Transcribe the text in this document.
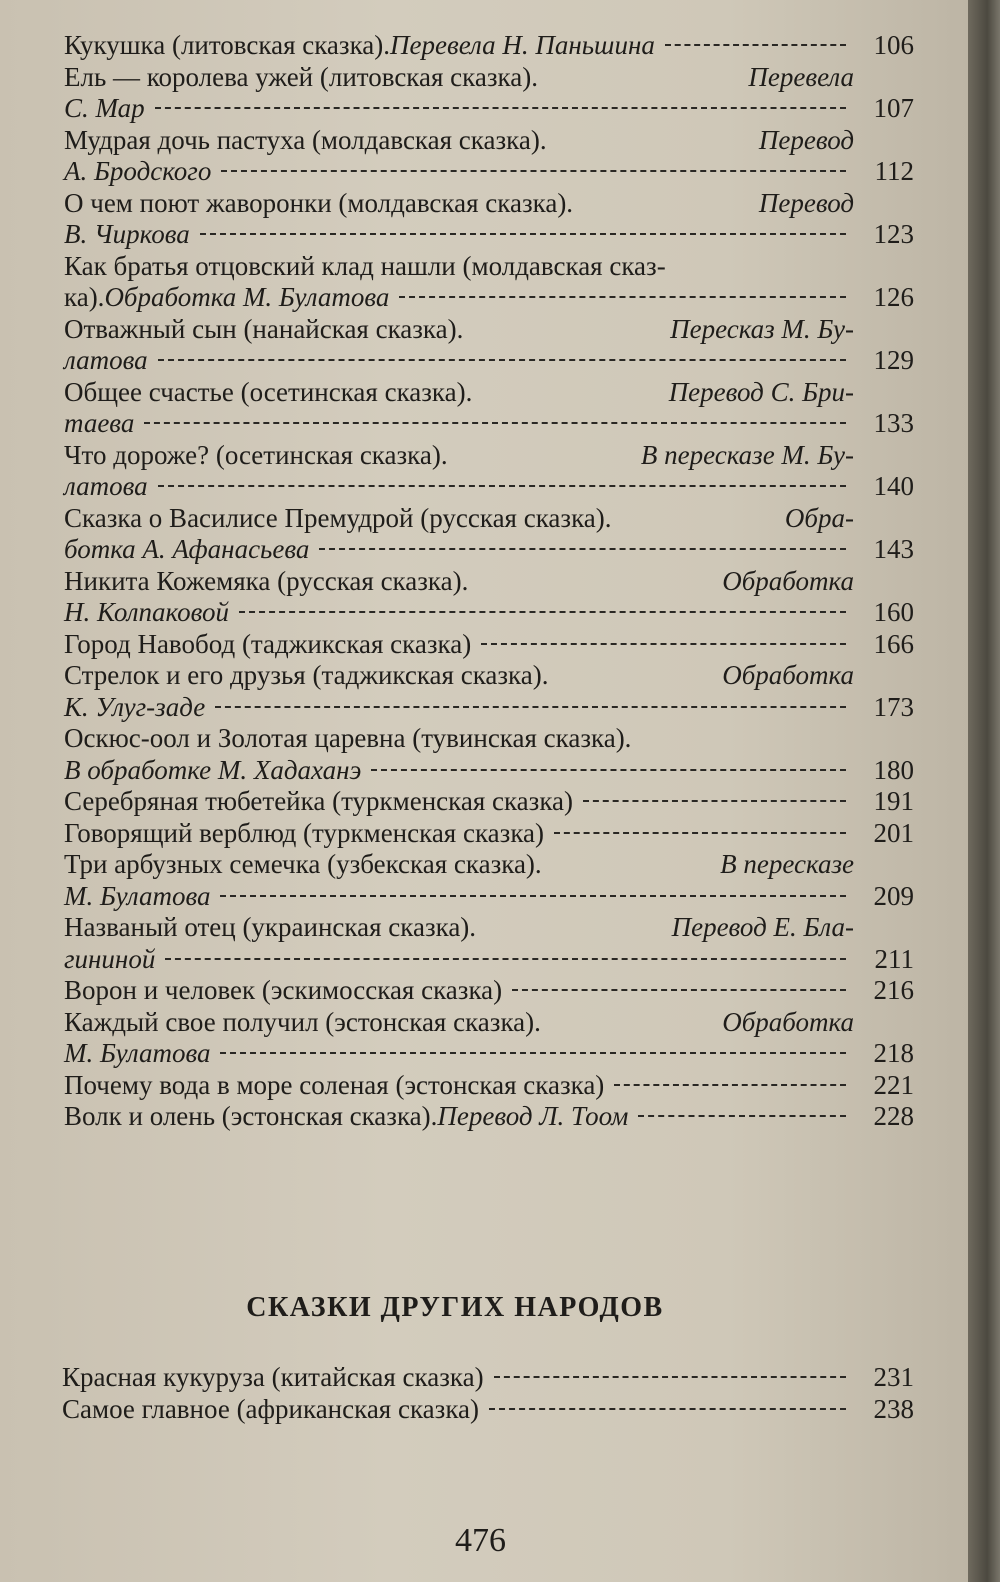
Кукушка (литовская сказка). Перевела Н. Паньшина	106
Ель — королева ужей (литовская сказка).	Перевела
С. Мар	107
Мудрая дочь пастуха (молдавская сказка).	Перевод
А. Бродского	112
О чем поют жаворонки (молдавская сказка).	Перевод
В. Чиркова	123
Как братья отцовский клад нашли (молдавская сказ-
ка). Обработка М. Булатова	126
Отважный сын (нанайская сказка).	Пересказ М. Бу-
латова	129
Общее счастье (осетинская сказка).	Перевод С. Бри-
таева	133
Что дороже? (осетинская сказка).	В пересказе М. Бу-
латова	140
Сказка о Василисе Премудрой (русская сказка).	Обра-
ботка А. Афанасьева	143
Никита Кожемяка (русская сказка).	Обработка
Н. Колпаковой	160
Город Навобод (таджикская сказка)	166
Стрелок и его друзья (таджикская сказка).	Обработка
К. Улуг-заде	173
Оскюс-оол и Золотая царевна (тувинская сказка).
В обработке М. Хадаханэ	180
Серебряная тюбетейка (туркменская сказка)	191
Говорящий верблюд (туркменская сказка)	201
Три арбузных семечка (узбекская сказка).	В пересказе
М. Булатова	209
Названый отец (украинская сказка).	Перевод Е. Бла-
гининой	211
Ворон и человек (эскимосская сказка)	216
Каждый свое получил (эстонская сказка).	Обработка
М. Булатова	218
Почему вода в море соленая (эстонская сказка)	221
Волк и олень (эстонская сказка). Перевод Л. Тоом	228
СКАЗКИ ДРУГИХ НАРОДОВ
Красная кукуруза (китайская сказка)	231
Самое главное (африканская сказка)	238
476
